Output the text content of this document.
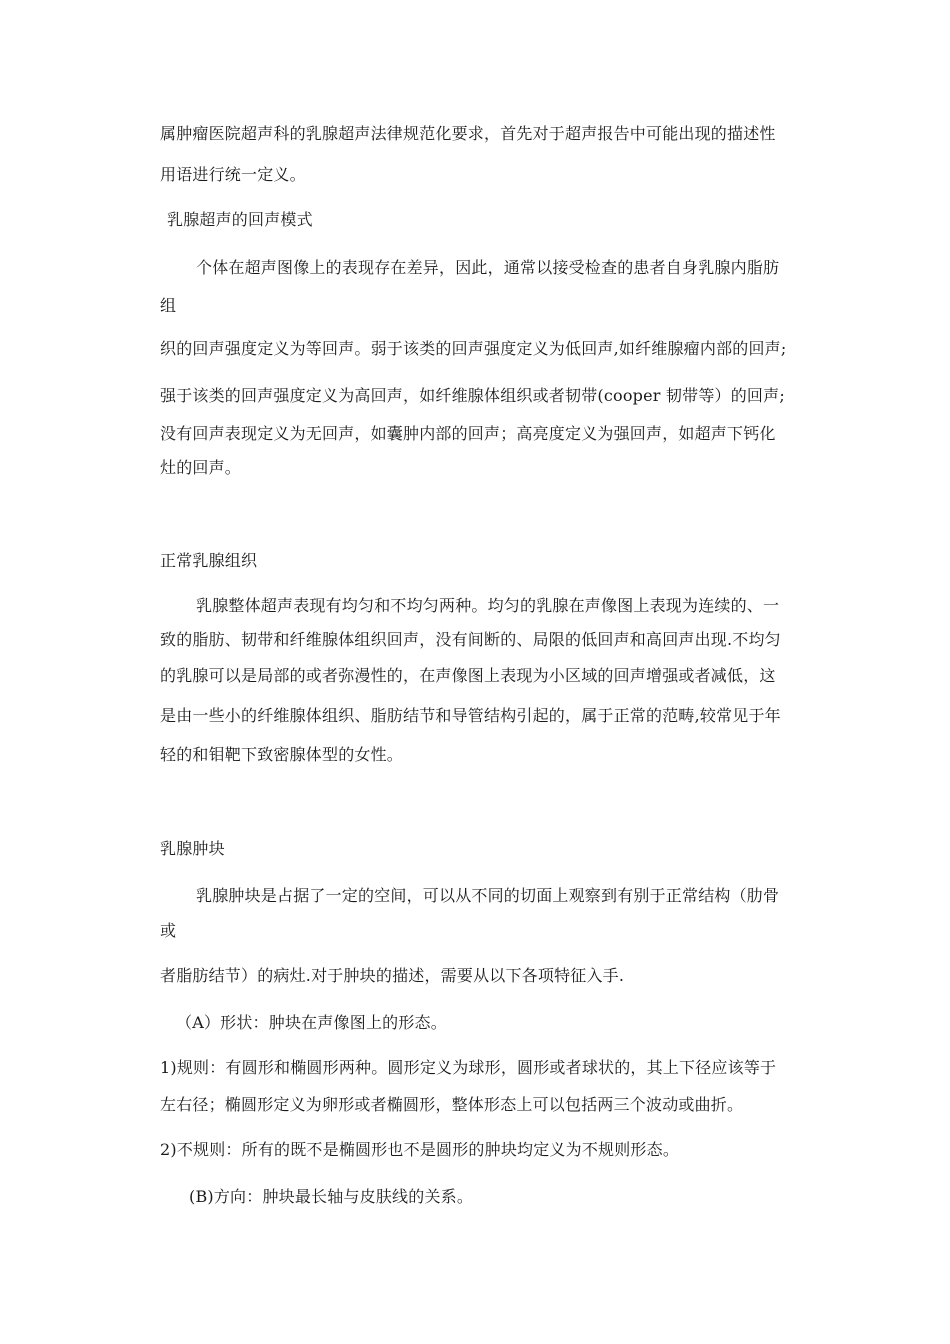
属肿瘤医院超声科的乳腺超声法律规范化要求，首先对于超声报告中可能出现的描述性
用语进行统一定义。
乳腺超声的回声模式
个体在超声图像上的表现存在差异，因此，通常以接受检查的患者自身乳腺内脂肪
组
织的回声强度定义为等回声。弱于该类的回声强度定义为低回声,如纤维腺瘤内部的回声;
强于该类的回声强度定义为高回声，如纤维腺体组织或者韧带(cooper 韧带等）的回声;
没有回声表现定义为无回声，如囊肿内部的回声；高亮度定义为强回声，如超声下钙化
灶的回声。
正常乳腺组织
乳腺整体超声表现有均匀和不均匀两种。均匀的乳腺在声像图上表现为连续的、一
致的脂肪、韧带和纤维腺体组织回声，没有间断的、局限的低回声和高回声出现.不均匀
的乳腺可以是局部的或者弥漫性的，在声像图上表现为小区域的回声增强或者减低，这
是由一些小的纤维腺体组织、脂肪结节和导管结构引起的，属于正常的范畴,较常见于年
轻的和钼靶下致密腺体型的女性。
乳腺肿块
乳腺肿块是占据了一定的空间，可以从不同的切面上观察到有别于正常结构（肋骨
或
者脂肪结节）的病灶.对于肿块的描述，需要从以下各项特征入手.
（A）形状：肿块在声像图上的形态。
1)规则：有圆形和椭圆形两种。圆形定义为球形，圆形或者球状的，其上下径应该等于
左右径；椭圆形定义为卵形或者椭圆形，整体形态上可以包括两三个波动或曲折。
2)不规则：所有的既不是椭圆形也不是圆形的肿块均定义为不规则形态。
(B)方向：肿块最长轴与皮肤线的关系。
